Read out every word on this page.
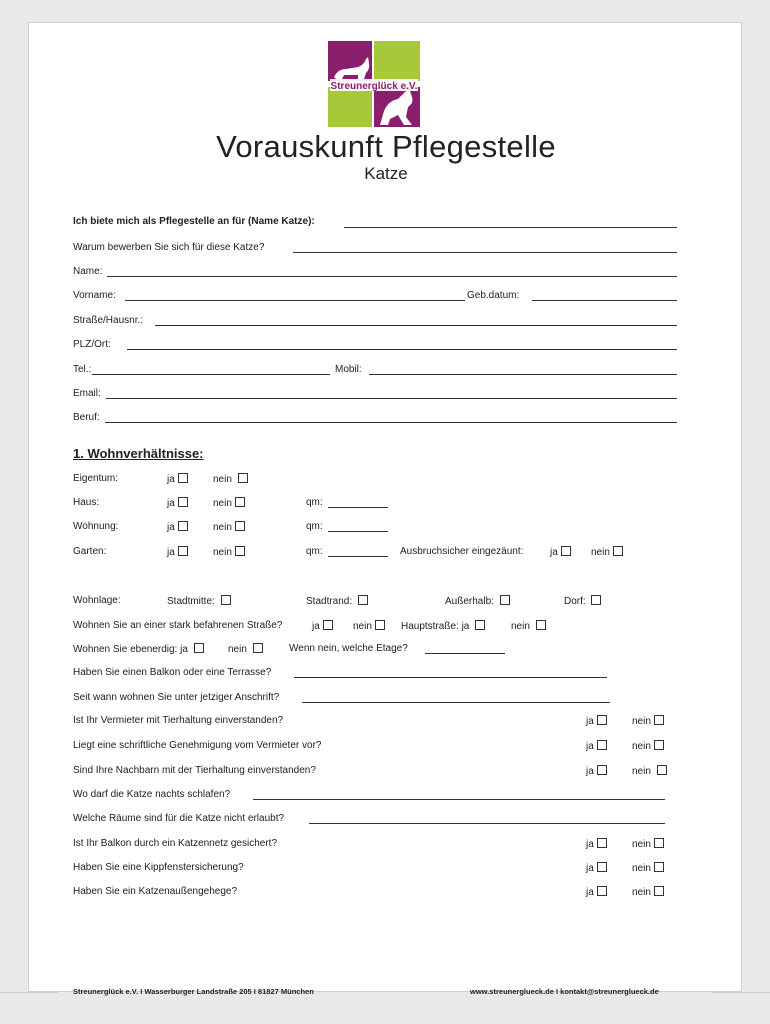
Streunerglück e.V.
Vorauskunft Pflegestelle
Katze
Ich biete mich als Pflegestelle an für (Name Katze):
Warum bewerben Sie sich für diese Katze?
Name:
Vorname:	Geb.datum:
Straße/Hausnr.:
PLZ/Ort:
Tel.:	Mobil:
Email:
Beruf:
1. Wohnverhältnisse:
Eigentum:	ja	nein
Haus:	ja	nein	qm:
Wohnung:	ja	nein	qm:
Garten:	ja	nein	qm:	Ausbruchsicher eingezäunt:	ja	nein
Wohnlage:	Stadtmitte:	Stadtrand:	Außerhalb:	Dorf:
Wohnen Sie an einer stark befahrenen Straße?	ja	nein	Hauptstraße: ja	nein
Wohnen Sie ebenerdig: ja	nein	Wenn nein, welche Etage?
Haben Sie einen Balkon oder eine Terrasse?
Seit wann wohnen Sie unter jetziger Anschrift?
Ist Ihr Vermieter mit Tierhaltung einverstanden?	ja	nein
Liegt eine schriftliche Genehmigung vom Vermieter vor?	ja	nein
Sind Ihre Nachbarn mit der Tierhaltung einverstanden?	ja	nein
Wo darf die Katze nachts schlafen?
Welche Räume sind für die Katze nicht erlaubt?
Ist Ihr Balkon durch ein Katzennetz gesichert?	ja	nein
Haben Sie eine Kippfenstersicherung?	ja	nein
Haben Sie ein Katzenaußengehege?	ja	nein
Streunerglück e.V. I Wasserburger Landstraße 205 I 81827 München	www.streunerglueck.de I kontakt@streunerglueck.de
